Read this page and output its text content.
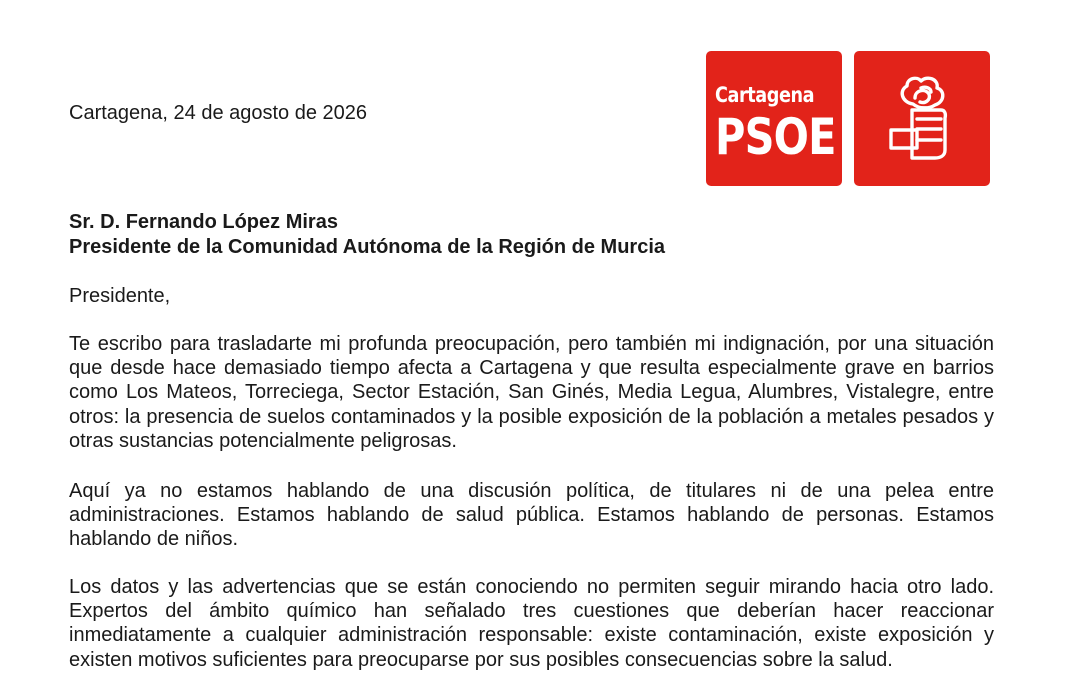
Cartagena, 24 de agosto de 2026
Cartagena
PSOE
Sr. D. Fernando López Miras
Presidente de la Comunidad Autónoma de la Región de Murcia
Presidente,

Te escribo para trasladarte mi profunda preocupación, pero también mi indignación, por una situación que desde hace demasiado tiempo afecta a Cartagena y que resulta especialmente grave en barrios como Los Mateos, Torreciega, Sector Estación, San Ginés, Media Legua, Alumbres, Vistalegre, entre otros: la presencia de suelos contaminados y la posible exposición de la población a metales pesados y otras sustancias potencialmente peligrosas.

Aquí ya no estamos hablando de una discusión política, de titulares ni de una pelea entre administraciones. Estamos hablando de salud pública. Estamos hablando de personas. Estamos hablando de niños.

Los datos y las advertencias que se están conociendo no permiten seguir mirando hacia otro lado. Expertos del ámbito químico han señalado tres cuestiones que deberían hacer reaccionar inmediatamente a cualquier administración responsable: existe contaminación, existe exposición y existen motivos suficientes para preocuparse por sus posibles consecuencias sobre la salud.
